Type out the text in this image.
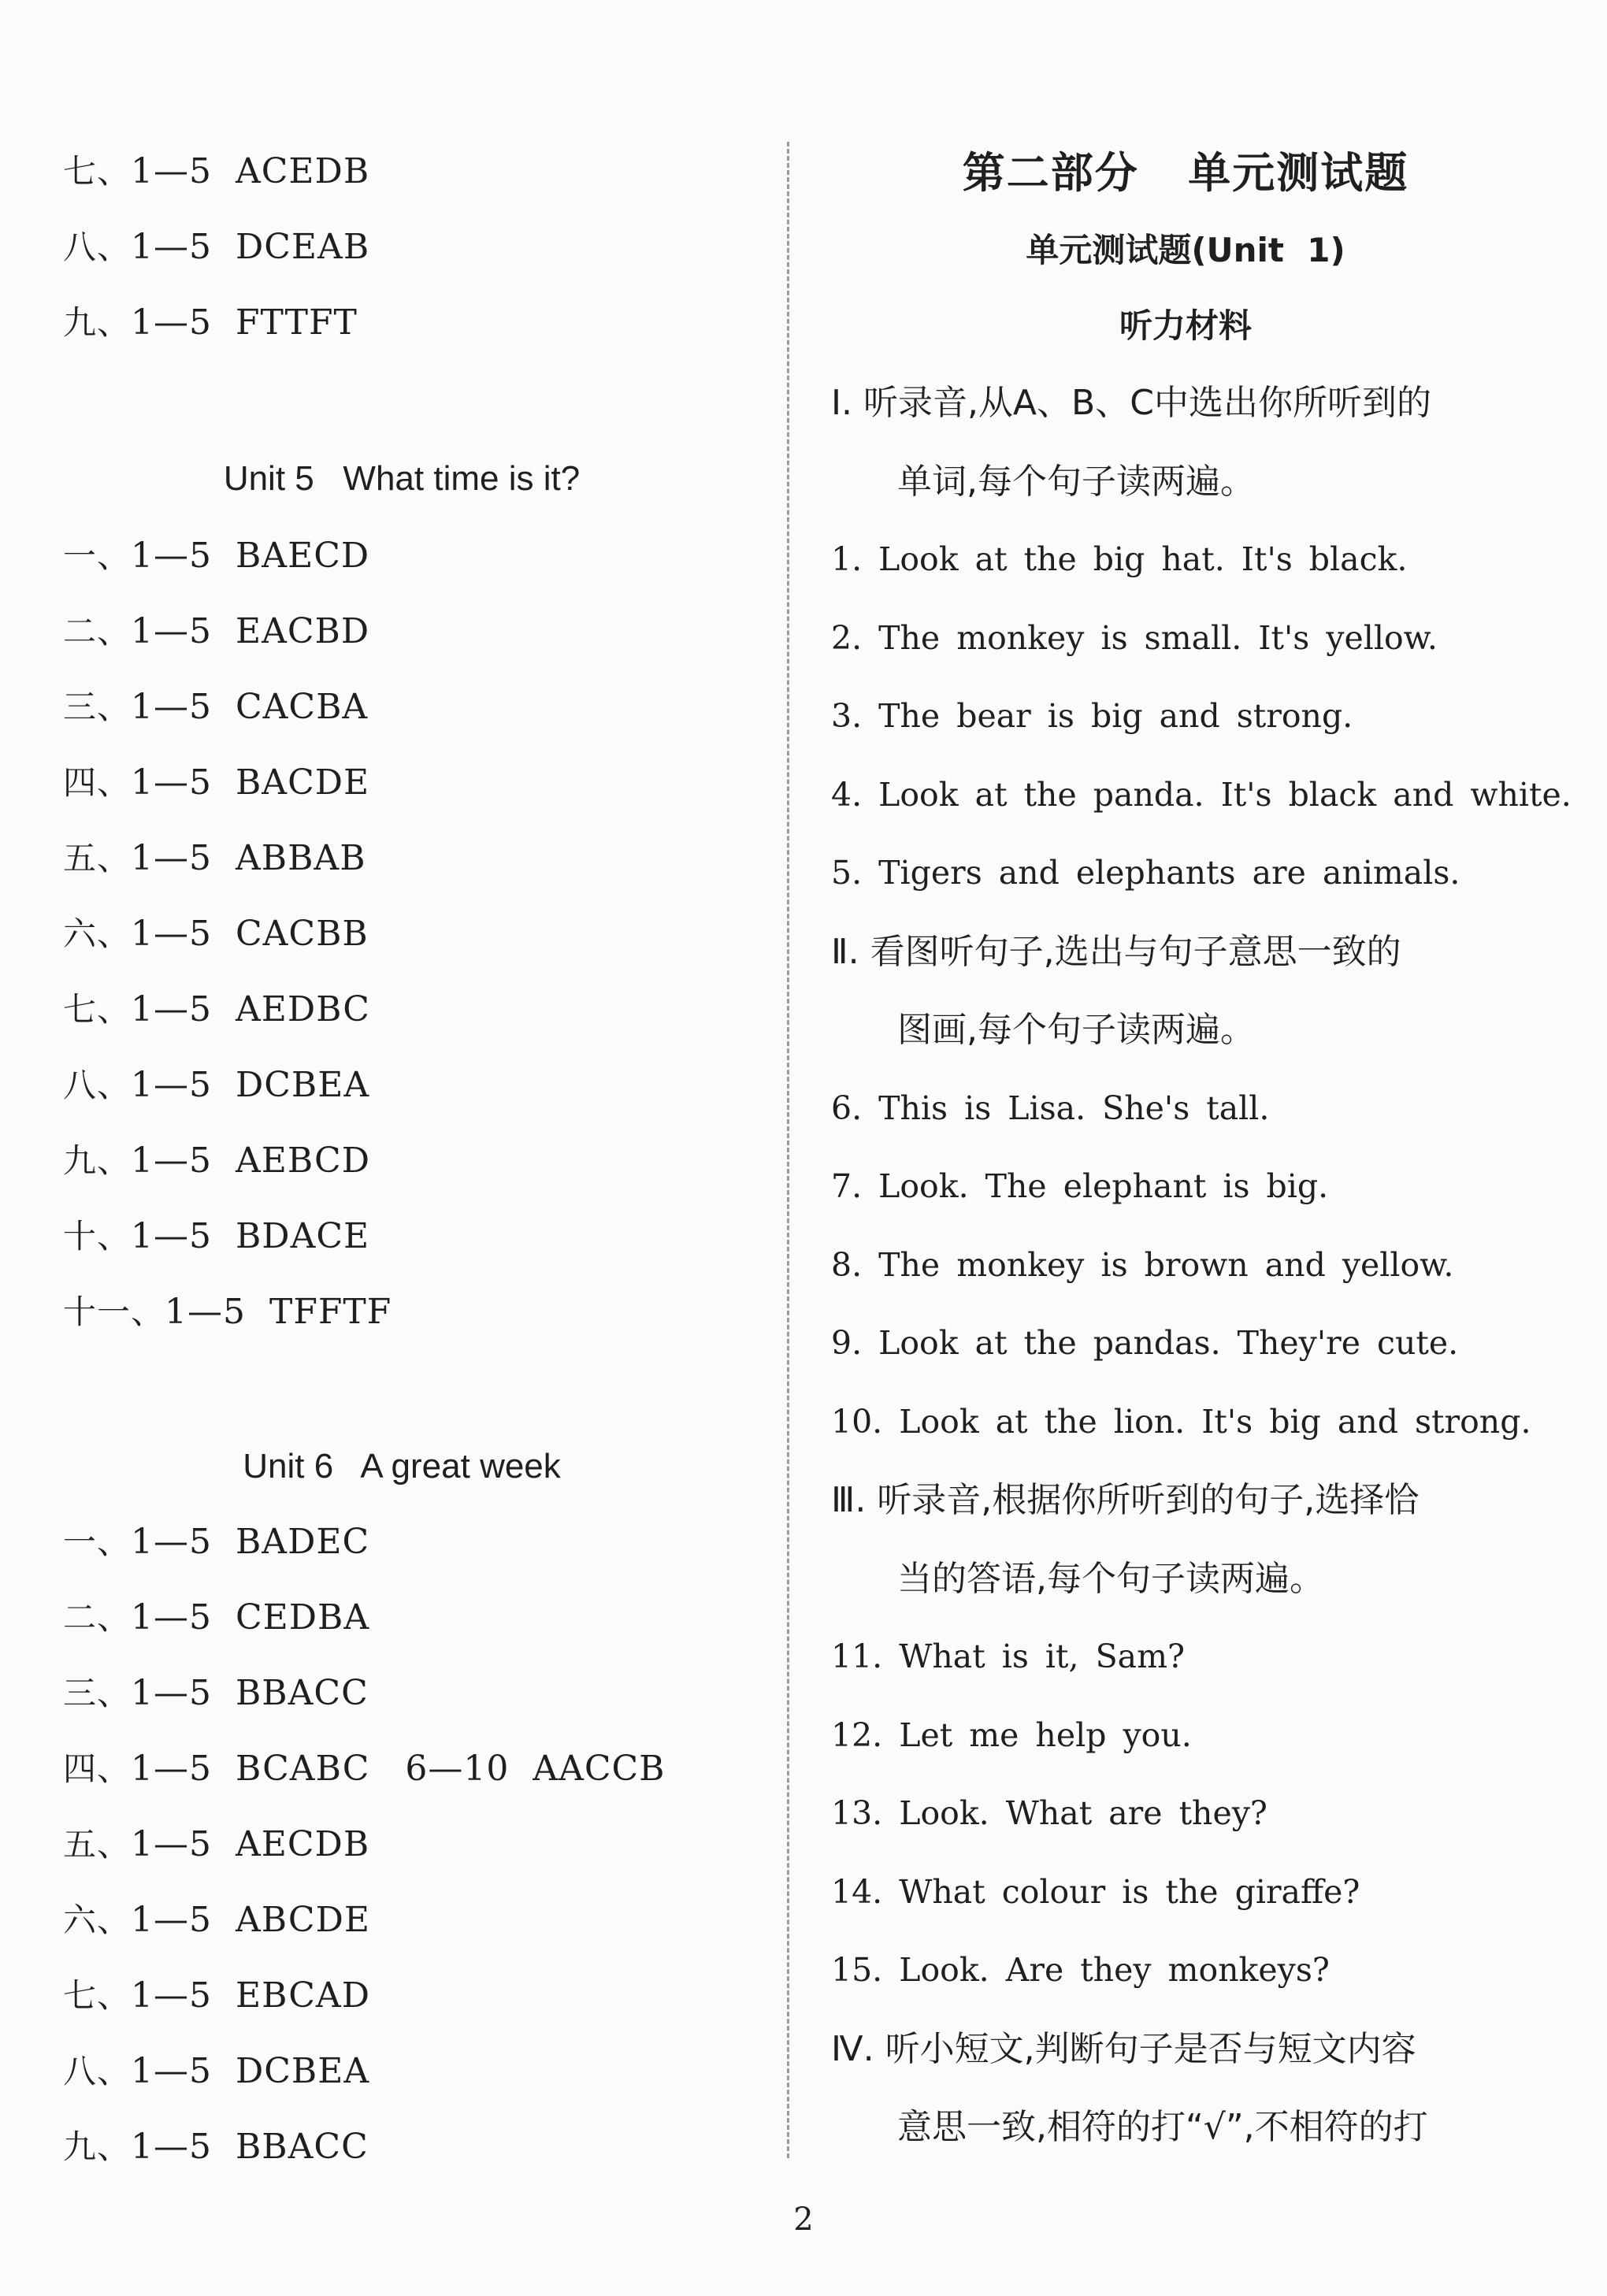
七、1—5  ACEDB
八、1—5  DCEAB
九、1—5  FTTFT
Unit 5   What time is it?
一、1—5  BAECD
二、1—5  EACBD
三、1—5  CACBA
四、1—5  BACDE
五、1—5  ABBAB
六、1—5  CACBB
七、1—5  AEDBC
八、1—5  DCBEA
九、1—5  AEBCD
十、1—5  BDACE
十一、1—5  TFFTF
Unit 6   A great week
一、1—5  BADEC
二、1—5  CEDBA
三、1—5  BBACC
四、1—5  BCABC   6—10  AACCB
五、1—5  AECDB
六、1—5  ABCDE
七、1—5  EBCAD
八、1—5  DCBEA
九、1—5  BBACC
第二部分   单元测试题
单元测试题(Unit  1)
听力材料
Ⅰ. 听录音,从A、B、C中选出你所听到的
单词,每个句子读两遍。
1. Look at the big hat. It's black.
2. The monkey is small. It's yellow.
3. The bear is big and strong.
4. Look at the panda. It's black and white.
5. Tigers and elephants are animals.
Ⅱ. 看图听句子,选出与句子意思一致的
图画,每个句子读两遍。
6. This is Lisa. She's tall.
7. Look. The elephant is big.
8. The monkey is brown and yellow.
9. Look at the pandas. They're cute.
10. Look at the lion. It's big and strong.
Ⅲ. 听录音,根据你所听到的句子,选择恰
当的答语,每个句子读两遍。
11. What is it, Sam?
12. Let me help you.
13. Look. What are they?
14. What colour is the giraffe?
15. Look. Are they monkeys?
Ⅳ. 听小短文,判断句子是否与短文内容
意思一致,相符的打“√”,不相符的打
2
